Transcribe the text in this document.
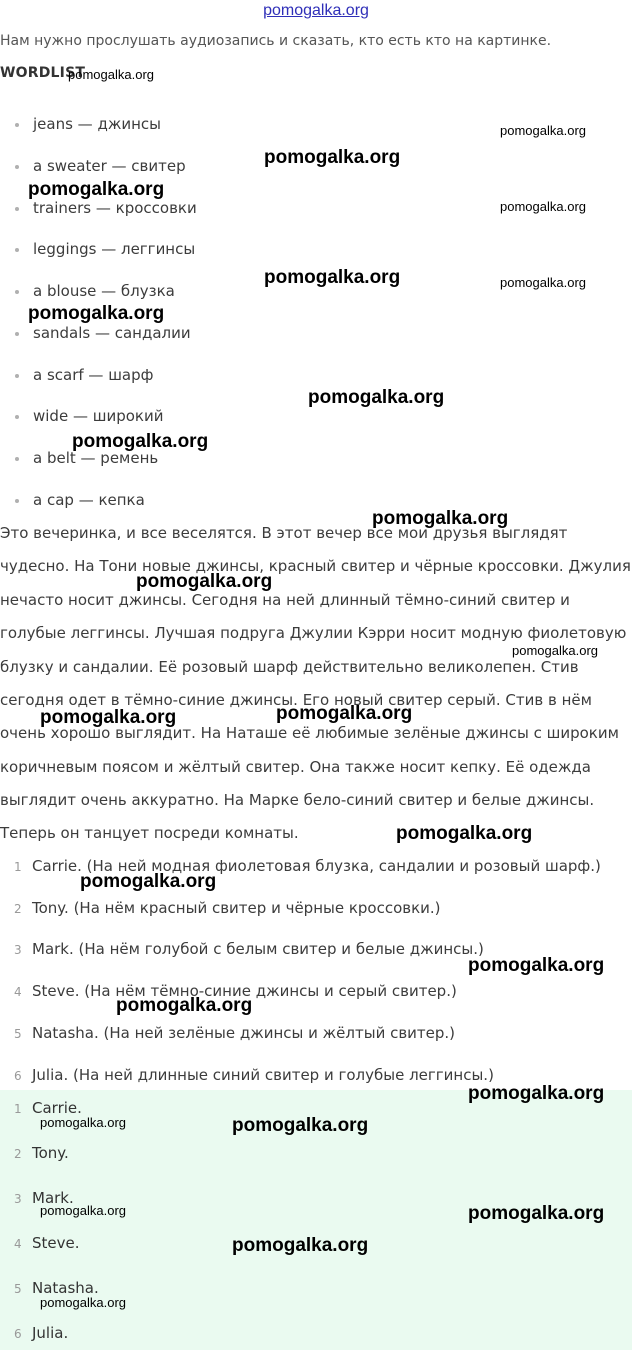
pomogalka.org
Нам нужно прослушать аудиозапись и сказать, кто есть кто на картинке.
WORDLIST
jeans — джинсы
a sweater — свитер
trainers — кроссовки
leggings — леггинсы
a blouse — блузка
sandals — сандалии
a scarf — шарф
wide — широкий
a belt — ремень
a cap — кепка
Это вечеринка, и все веселятся. В этот вечер все мои друзья выглядят
чудесно. На Тони новые джинсы, красный свитер и чёрные кроссовки. Джулия
нечасто носит джинсы. Сегодня на ней длинный тёмно-синий свитер и
голубые леггинсы. Лучшая подруга Джулии Кэрри носит модную фиолетовую
блузку и сандалии. Её розовый шарф действительно великолепен. Стив
сегодня одет в тёмно-синие джинсы. Его новый свитер серый. Стив в нём
очень хорошо выглядит. На Наташе её любимые зелёные джинсы с широким
коричневым поясом и жёлтый свитер. Она также носит кепку. Её одежда
выглядит очень аккуратно. На Марке бело-синий свитер и белые джинсы.
Теперь он танцует посреди комнаты.
1 Carrie. (На ней модная фиолетовая блузка, сандалии и розовый шарф.)
2 Tony. (На нём красный свитер и чёрные кроссовки.)
3 Mark. (На нём голубой с белым свитер и белые джинсы.)
4 Steve. (На нём тёмно-синие джинсы и серый свитер.)
5 Natasha. (На ней зелёные джинсы и жёлтый свитер.)
6 Julia. (На ней длинные синий свитер и голубые леггинсы.)
1 Carrie.
2 Tony.
3 Mark.
4 Steve.
5 Natasha.
6 Julia.
pomogalka.org
pomogalka.org
pomogalka.org
pomogalka.org
pomogalka.org
pomogalka.org	pomogalka.org
pomogalka.org
pomogalka.org
pomogalka.org
pomogalka.org
pomogalka.org
pomogalka.org
pomogalka.org
pomogalka.org
pomogalka.org
pomogalka.org
pomogalka.org
pomogalka.org
pomogalka.org
pomogalka.org	pomogalka.org
pomogalka.org	pomogalka.org
pomogalka.org
pomogalka.org
